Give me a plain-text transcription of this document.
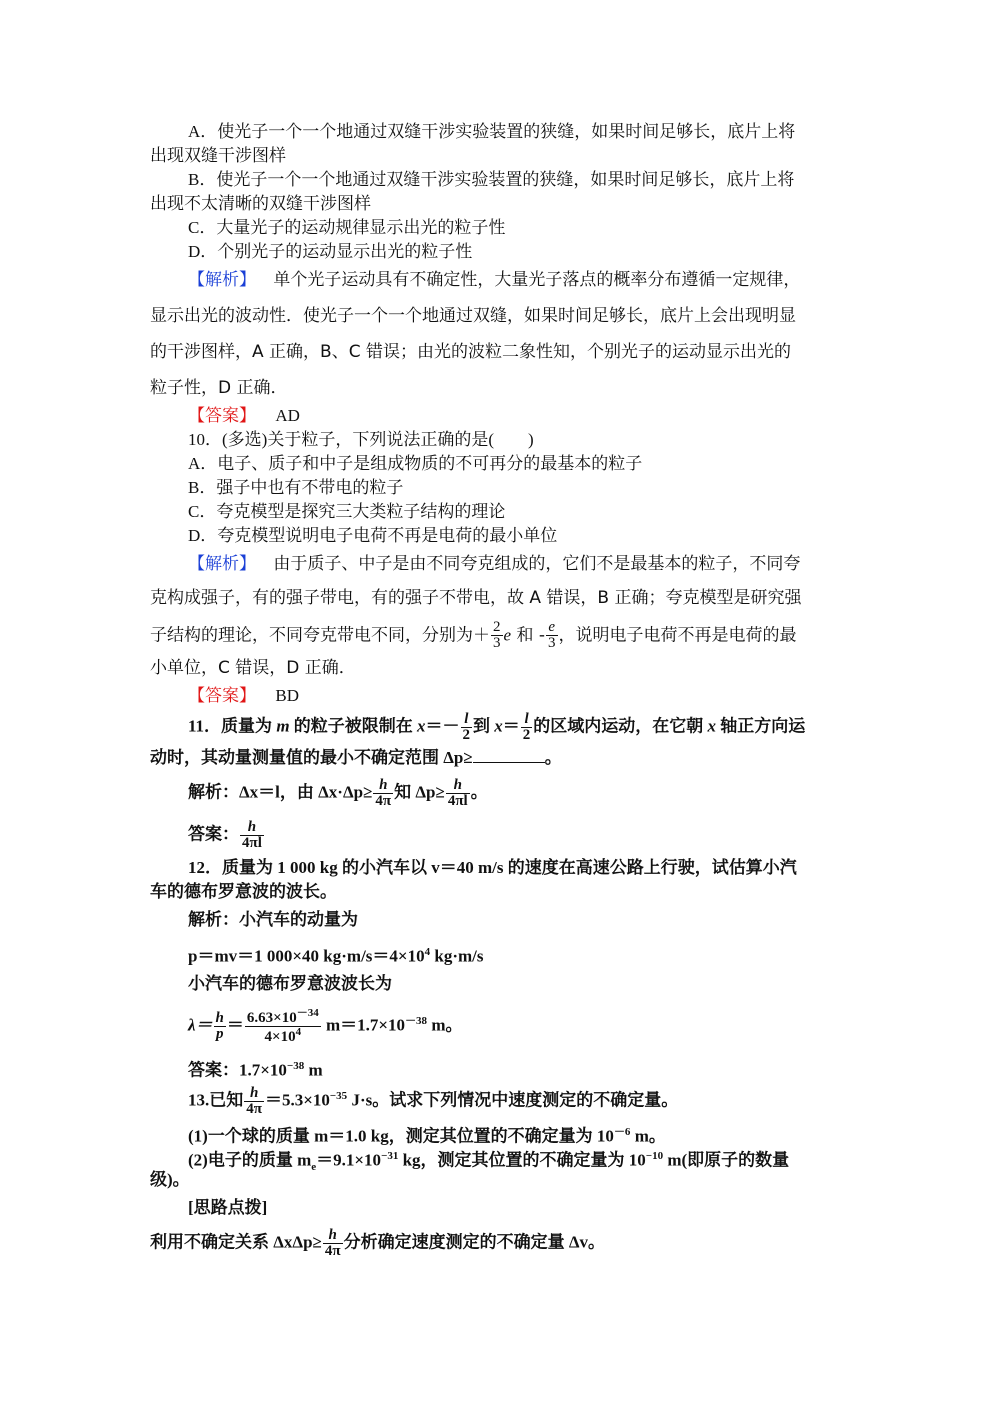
A．使光子一个一个地通过双缝干涉实验装置的狭缝，如果时间足够长，底片上将
出现双缝干涉图样
B．使光子一个一个地通过双缝干涉实验装置的狭缝，如果时间足够长，底片上将
出现不太清晰的双缝干涉图样
C．大量光子的运动规律显示出光的粒子性
D．个别光子的运动显示出光的粒子性
【解析】 单个光子运动具有不确定性，大量光子落点的概率分布遵循一定规律，
显示出光的波动性．使光子一个一个地通过双缝，如果时间足够长，底片上会出现明显
的干涉图样，A 正确，B、C 错误；由光的波粒二象性知，个别光子的运动显示出光的
粒子性，D 正确．
【答案】 AD
10．(多选)关于粒子，下列说法正确的是(　　)
A．电子、质子和中子是组成物质的不可再分的最基本的粒子
B．强子中也有不带电的粒子
C．夸克模型是探究三大类粒子结构的理论
D．夸克模型说明电子电荷不再是电荷的最小单位
【解析】 由于质子、中子是由不同夸克组成的，它们不是最基本的粒子，不同夸
克构成强子，有的强子带电，有的强子不带电，故 A 错误，B 正确；夸克模型是研究强
子结构的理论，不同夸克带电不同，分别为＋ $\frac{2}{3}$ e 和 - $\frac{e}{3}$ ，说明电子电荷不再是电荷的最
小单位，C 错误，D 正确．
【答案】 BD
11．质量为 m 的粒子被限制在 $x=- \frac{l}{2}$ 到 $x= \frac{l}{2}$ 的区域内运动，在它朝 x 轴正方向运
动时，其动量测量值的最小不确定范围 Δp≥	。
解析：Δx＝l，由 $\Delta x\cdot\Delta p\ge \frac{h}{4\pi}$ 知 $\Delta p\ge \frac{h}{4\pi l}$ 。
答案： $\frac{h}{4\pi l}$
12．质量为 1 000 kg 的小汽车以 v＝40 m/s 的速度在高速公路上行驶，试估算小汽
车的德布罗意波的波长。
解析：小汽车的动量为
p＝mv＝1 000×40 $kg\cdot m/s=4\times 10^4$ kg·m/s
小汽车的德布罗意波波长为
$\lambda= \frac{h}{p} = \frac{6.63\times 10^{-34}}{4\times 10^4} m=1.7\times 10^{-38}$ m。
答案：$1.7\times 10^{-38}$ m
13.已知 $\frac{h}{4\pi} =5.3\times 10^{-35}$ J·s。试求下列情况中速度测定的不确定量。
(1)一个球的质量 m＝1.0 kg，测定其位置的不确定量为 $10^{-6}$ m。
(2)电子的质量 $m_e=9.1\times 10^{-31}$ kg，测定其位置的不确定量为 $10^{-10}$ m(即原子的数量
级)。
[思路点拨]
利用不确定关系 $\Delta x\Delta p\ge \frac{h}{4\pi}$ 分析确定速度测定的不确定量 Δv。
